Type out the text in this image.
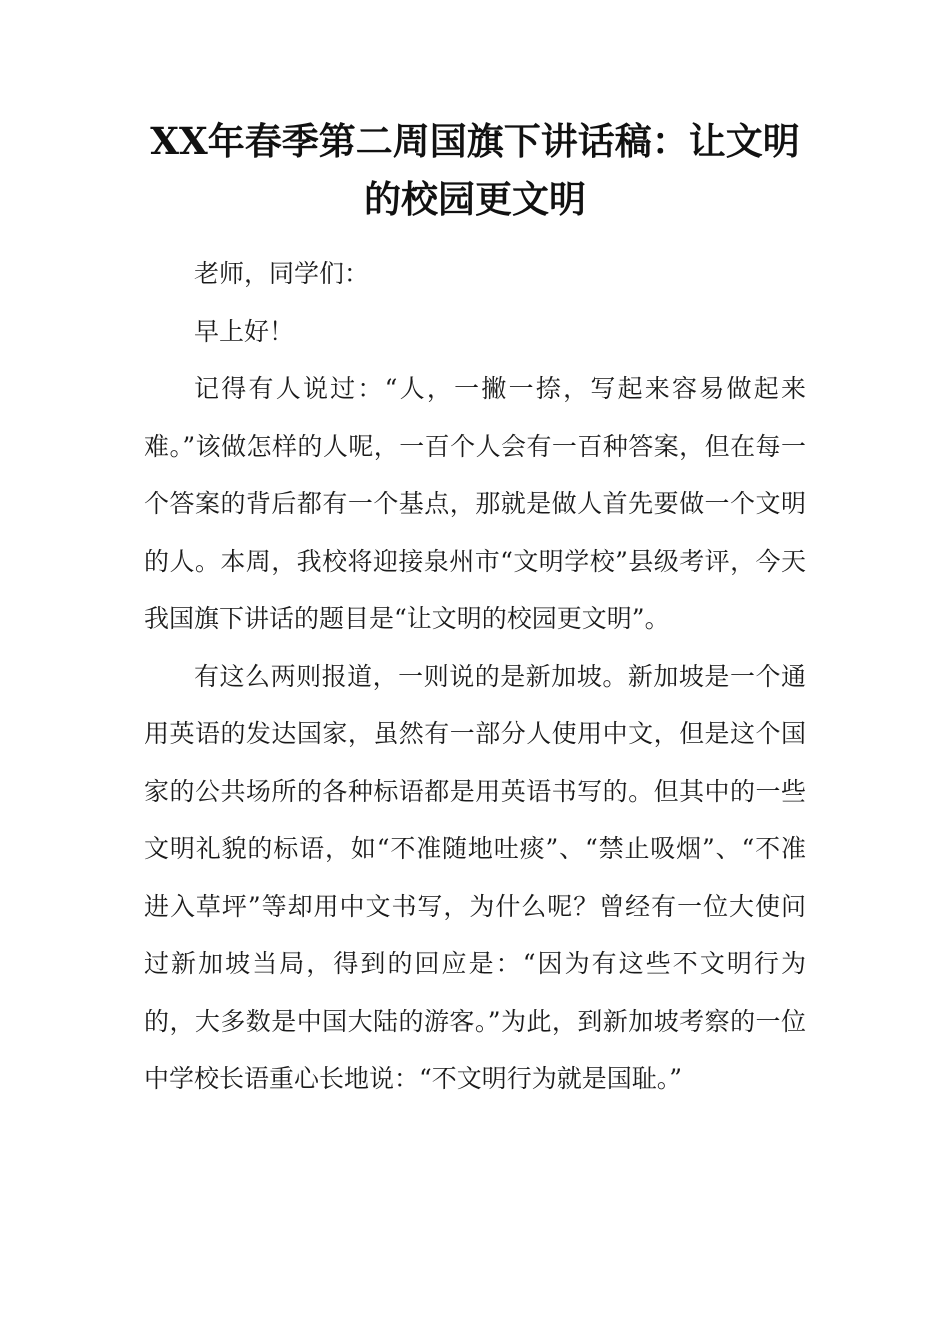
XX年春季第二周国旗下讲话稿：让文明的校园更文明

老师，同学们：

早上好！

记得有人说过：“人，一撇一捺，写起来容易做起来难。”该做怎样的人呢，一百个人会有一百种答案，但在每一个答案的背后都有一个基点，那就是做人首先要做一个文明的人。本周，我校将迎接泉州市“文明学校”县级考评，今天我国旗下讲话的题目是“让文明的校园更文明”。

有这么两则报道，一则说的是新加坡。新加坡是一个通用英语的发达国家，虽然有一部分人使用中文，但是这个国家的公共场所的各种标语都是用英语书写的。但其中的一些文明礼貌的标语，如“不准随地吐痰”、“禁止吸烟”、“不准进入草坪”等却用中文书写，为什么呢？曾经有一位大使问过新加坡当局，得到的回应是：“因为有这些不文明行为的，大多数是中国大陆的游客。”为此，到新加坡考察的一位中学校长语重心长地说：“不文明行为就是国耻。”
